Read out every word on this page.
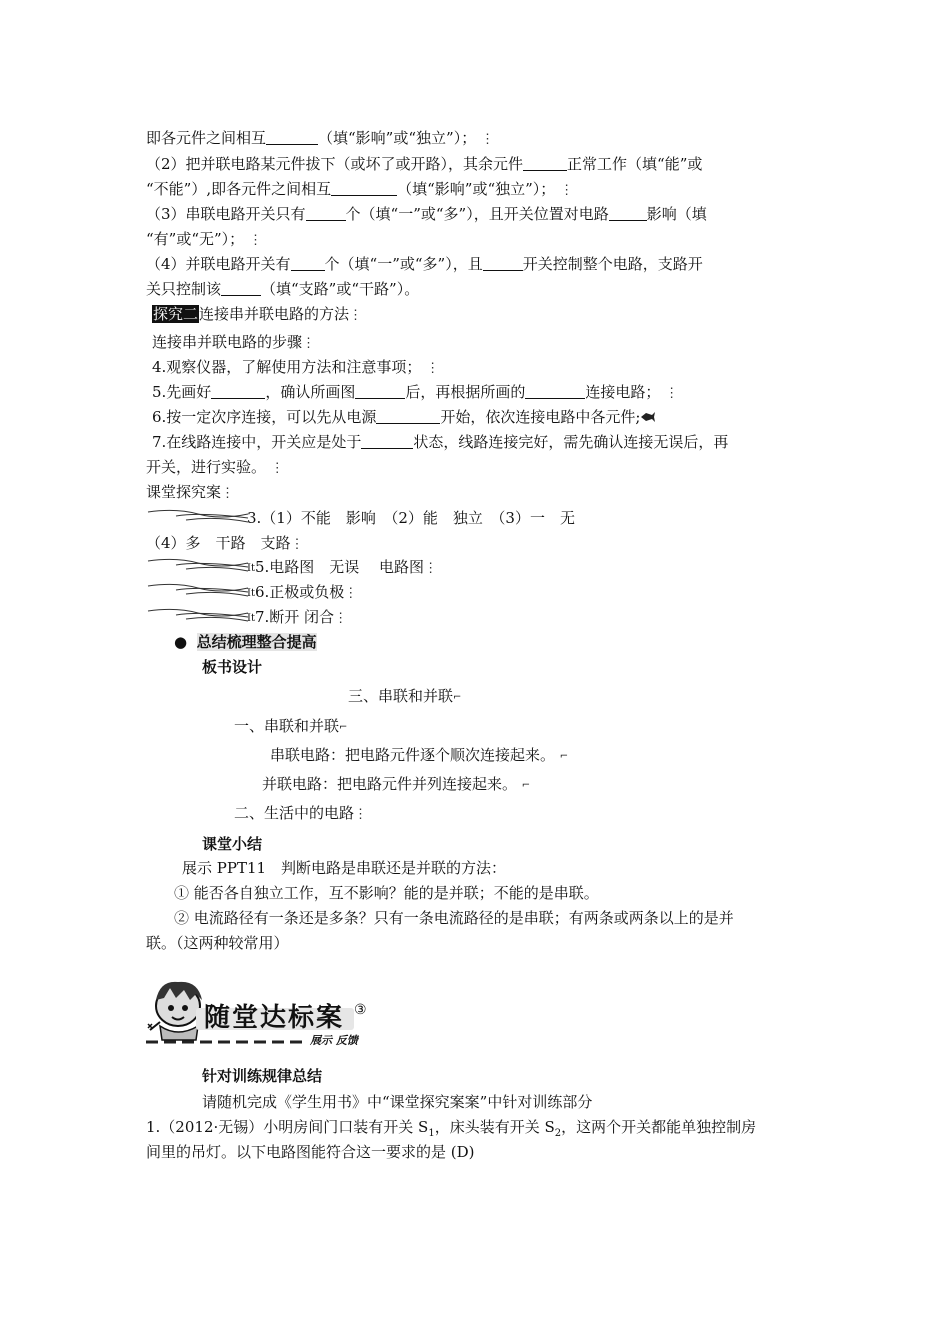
即各元件之间相互	（填“影响”或“独立”）； ⋮
（2）把并联电路某元件拔下（或坏了或开路），其余元件	正常工作（填“能”或
“不能”）,即各元件之间相互	（填“影响”或“独立”）； ⋮
（3）串联电路开关只有	个（填“一”或“多”），且开关位置对电路	影响（填
“有”或“无”）； ⋮
（4）并联电路开关有 个（填“一”或“多”），且	开关控制整个电路，支路开
关只控制该	（填“支路”或“干路”）。
探究二连接串并联电路的方法⋮
连接串并联电路的步骤⋮
4.观察仪器，了解使用方法和注意事项； ⋮
5.先画好	，确认所画图	后，再根据所画的	连接电路； ⋮
6.按一定次序连接，可以先从电源	开始，依次连接电路中各元件;
7.在线路连接中，开关应是处于	状态，线路连接完好，需先确认连接无误后，再
开关，进行实验。 ⋮
课堂探究案⋮
3.（1）不能　影响　（2）能　独立　（3）一　无
（4）多　干路　支路⋮
Ⅰt5.电路图　无误　 电路图⋮
Ⅰt6.正极或负极⋮
Ⅰt7.断开 闭合⋮
● 总结梳理整合提高
板书设计
三、串联和并联⌐
一、串联和并联⌐
串联电路：把电路元件逐个顺次连接起来。 ⌐
并联电路：把电路元件并列连接起来。 ⌐
二、生活中的电路⋮
课堂小结
展示 PPT11　判断电路是串联还是并联的方法：
① 能否各自独立工作，互不影响？能的是并联；不能的是串联。
② 电流路径有一条还是多条？只有一条电流路径的是串联；有两条或两条以上的是并
联。（这两种较常用）
随堂达标案 ③
展示 反馈
针对训练规律总结
请随机完成《学生用书》中“课堂探究案案”中针对训练部分
1.（2012·无锡）小明房间门口装有开关 $S_1$，床头装有开关 $S_2$，这两个开关都能单独控制房
间里的吊灯。以下电路图能符合这一要求的是 (D)
